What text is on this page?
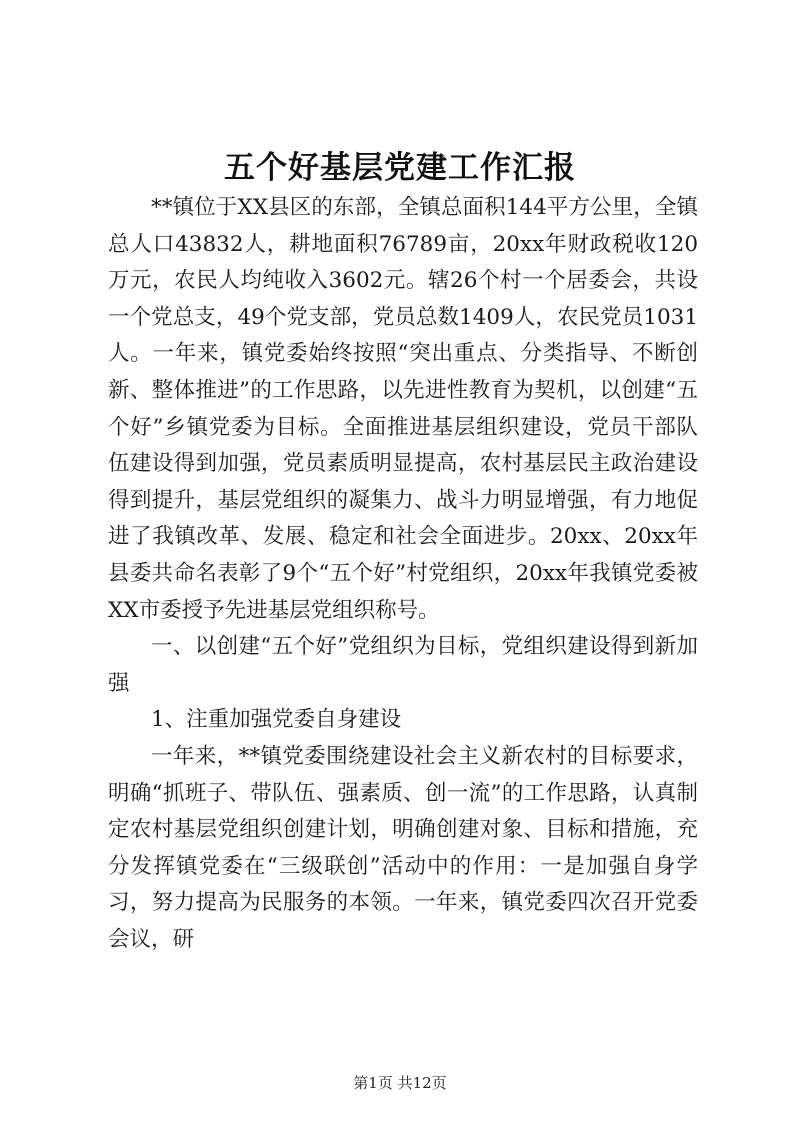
五个好基层党建工作汇报

**镇位于XX县区的东部，全镇总面积144平方公里，全镇总人口43832人，耕地面积76789亩，20xx年财政税收120万元，农民人均纯收入3602元。辖26个村一个居委会，共设一个党总支，49个党支部，党员总数1409人，农民党员1031人。一年来，镇党委始终按照“突出重点、分类指导、不断创新、整体推进”的工作思路，以先进性教育为契机，以创建“五个好”乡镇党委为目标。全面推进基层组织建设，党员干部队伍建设得到加强，党员素质明显提高，农村基层民主政治建设得到提升，基层党组织的凝集力、战斗力明显增强，有力地促进了我镇改革、发展、稳定和社会全面进步。20xx、20xx年县委共命名表彰了9个“五个好”村党组织，20xx年我镇党委被XX市委授予先进基层党组织称号。

一、以创建“五个好”党组织为目标，党组织建设得到新加强

1、注重加强党委自身建设

一年来，**镇党委围绕建设社会主义新农村的目标要求，明确“抓班子、带队伍、强素质、创一流”的工作思路，认真制定农村基层党组织创建计划，明确创建对象、目标和措施，充分发挥镇党委在“三级联创”活动中的作用：一是加强自身学习，努力提高为民服务的本领。一年来，镇党委四次召开党委会议，研

第1页 共12页
